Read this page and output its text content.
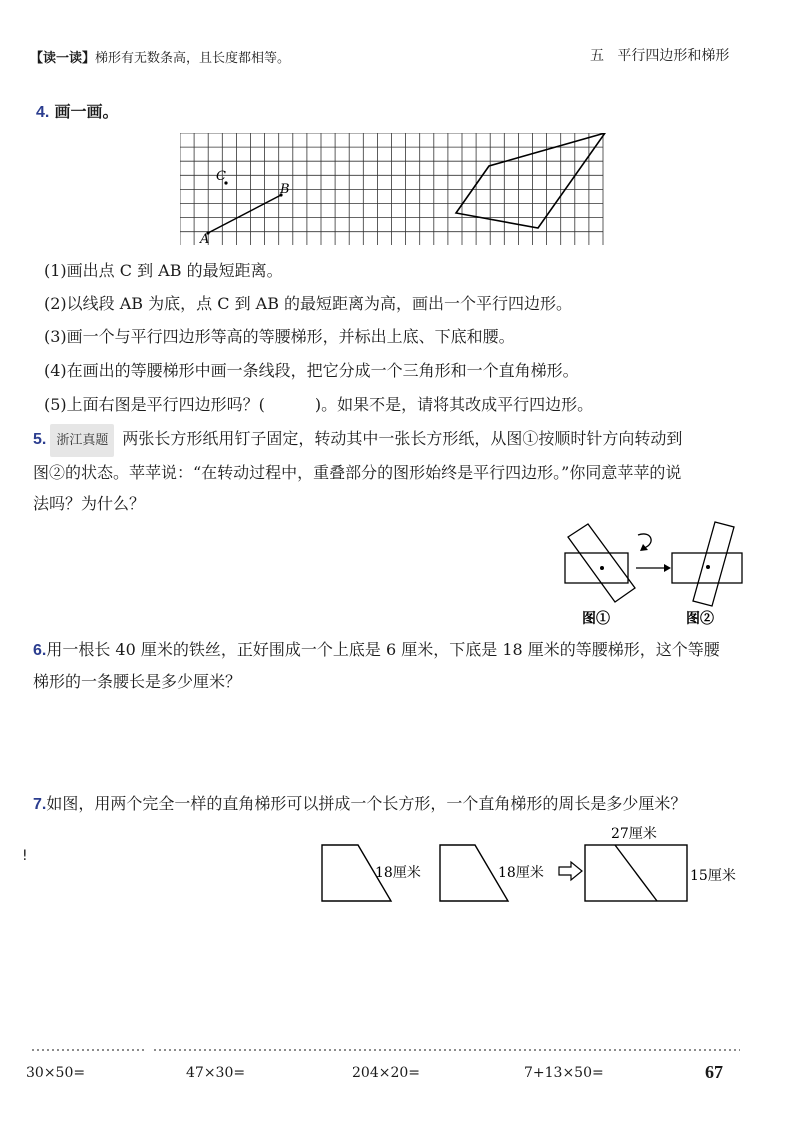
【读一读】梯形有无数条高，且长度都相等。	五   平行四边形和梯形
4. 画一画。
C
B
A
(1)画出点 C 到 AB 的最短距离。
(2)以线段 AB 为底，点 C 到 AB 的最短距离为高，画出一个平行四边形。
(3)画一个与平行四边形等高的等腰梯形，并标出上底、下底和腰。
(4)在画出的等腰梯形中画一条线段，把它分成一个三角形和一个直角梯形。
(5)上面右图是平行四边形吗？(	)。如果不是，请将其改成平行四边形。
5. 浙江真题 两张长方形纸用钉子固定，转动其中一张长方形纸，从图①按顺时针方向转动到
图②的状态。苹苹说：“在转动过程中，重叠部分的图形始终是平行四边形。”你同意苹苹的说
法吗？为什么？
图①	图②
6.用一根长 40 厘米的铁丝，正好围成一个上底是 6 厘米，下底是 18 厘米的等腰梯形，这个等腰
梯形的一条腰长是多少厘米？
7.如图，用两个完全一样的直角梯形可以拼成一个长方形，一个直角梯形的周长是多少厘米？
!
18厘米	18厘米
27厘米
15厘米
30×50=	47×30=	204×20=	7+13×50=	67
